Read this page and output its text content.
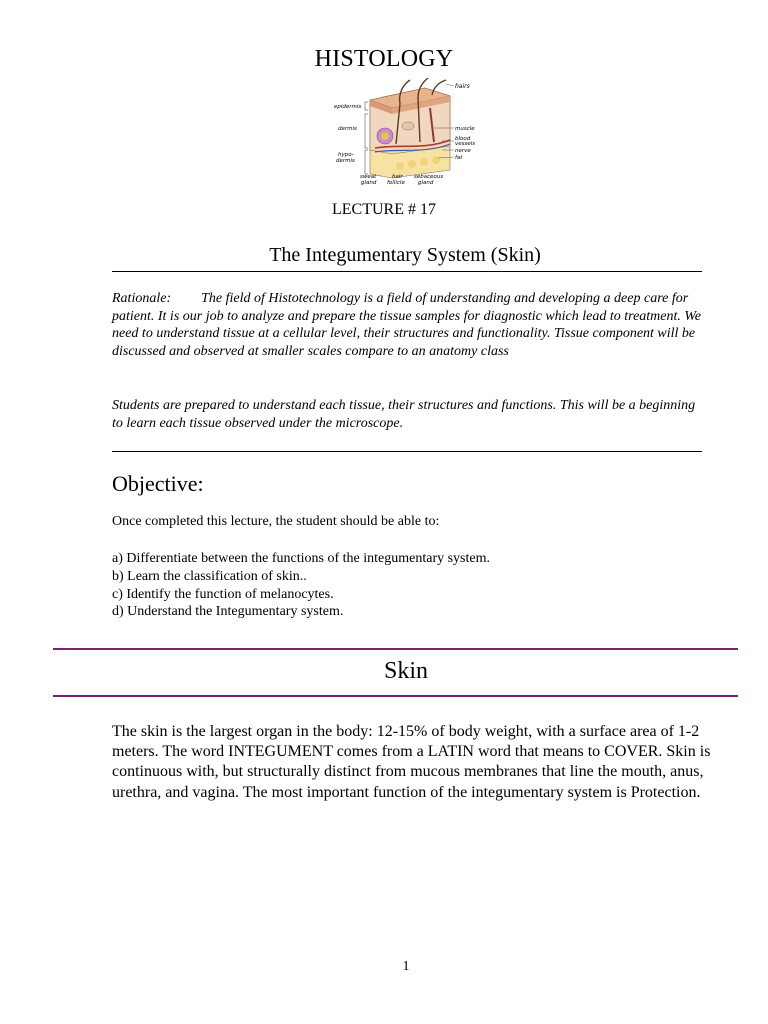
HISTOLOGY
hairs
epidermis
dermis
hypo-
dermis
muscle
blood
vessels
nerve
fat
sweat
gland
hair
follicle
sebaceous
gland
LECTURE # 17
The Integumentary System (Skin)
Rationale: The field of Histotechnology is a field of understanding and developing a deep care for patient. It is our job to analyze and prepare the tissue samples for diagnostic which lead to treatment. We need to understand tissue at a cellular level, their structures and functionality. Tissue component will be discussed and observed at smaller scales compare to an anatomy class
Students are prepared to understand each tissue, their structures and functions. This will be a beginning to learn each tissue observed under the microscope.
Objective:
Once completed this lecture, the student should be able to:
a) Differentiate between the functions of the integumentary system.
b) Learn the classification of skin..
c) Identify the function of melanocytes.
d) Understand the Integumentary system.
Skin
The skin is the largest organ in the body: 12-15% of body weight, with a surface area of 1-2 meters. The word INTEGUMENT comes from a LATIN word that means to COVER. Skin is continuous with, but structurally distinct from mucous membranes that line the mouth, anus, urethra, and vagina. The most important function of the integumentary system is Protection.
1
